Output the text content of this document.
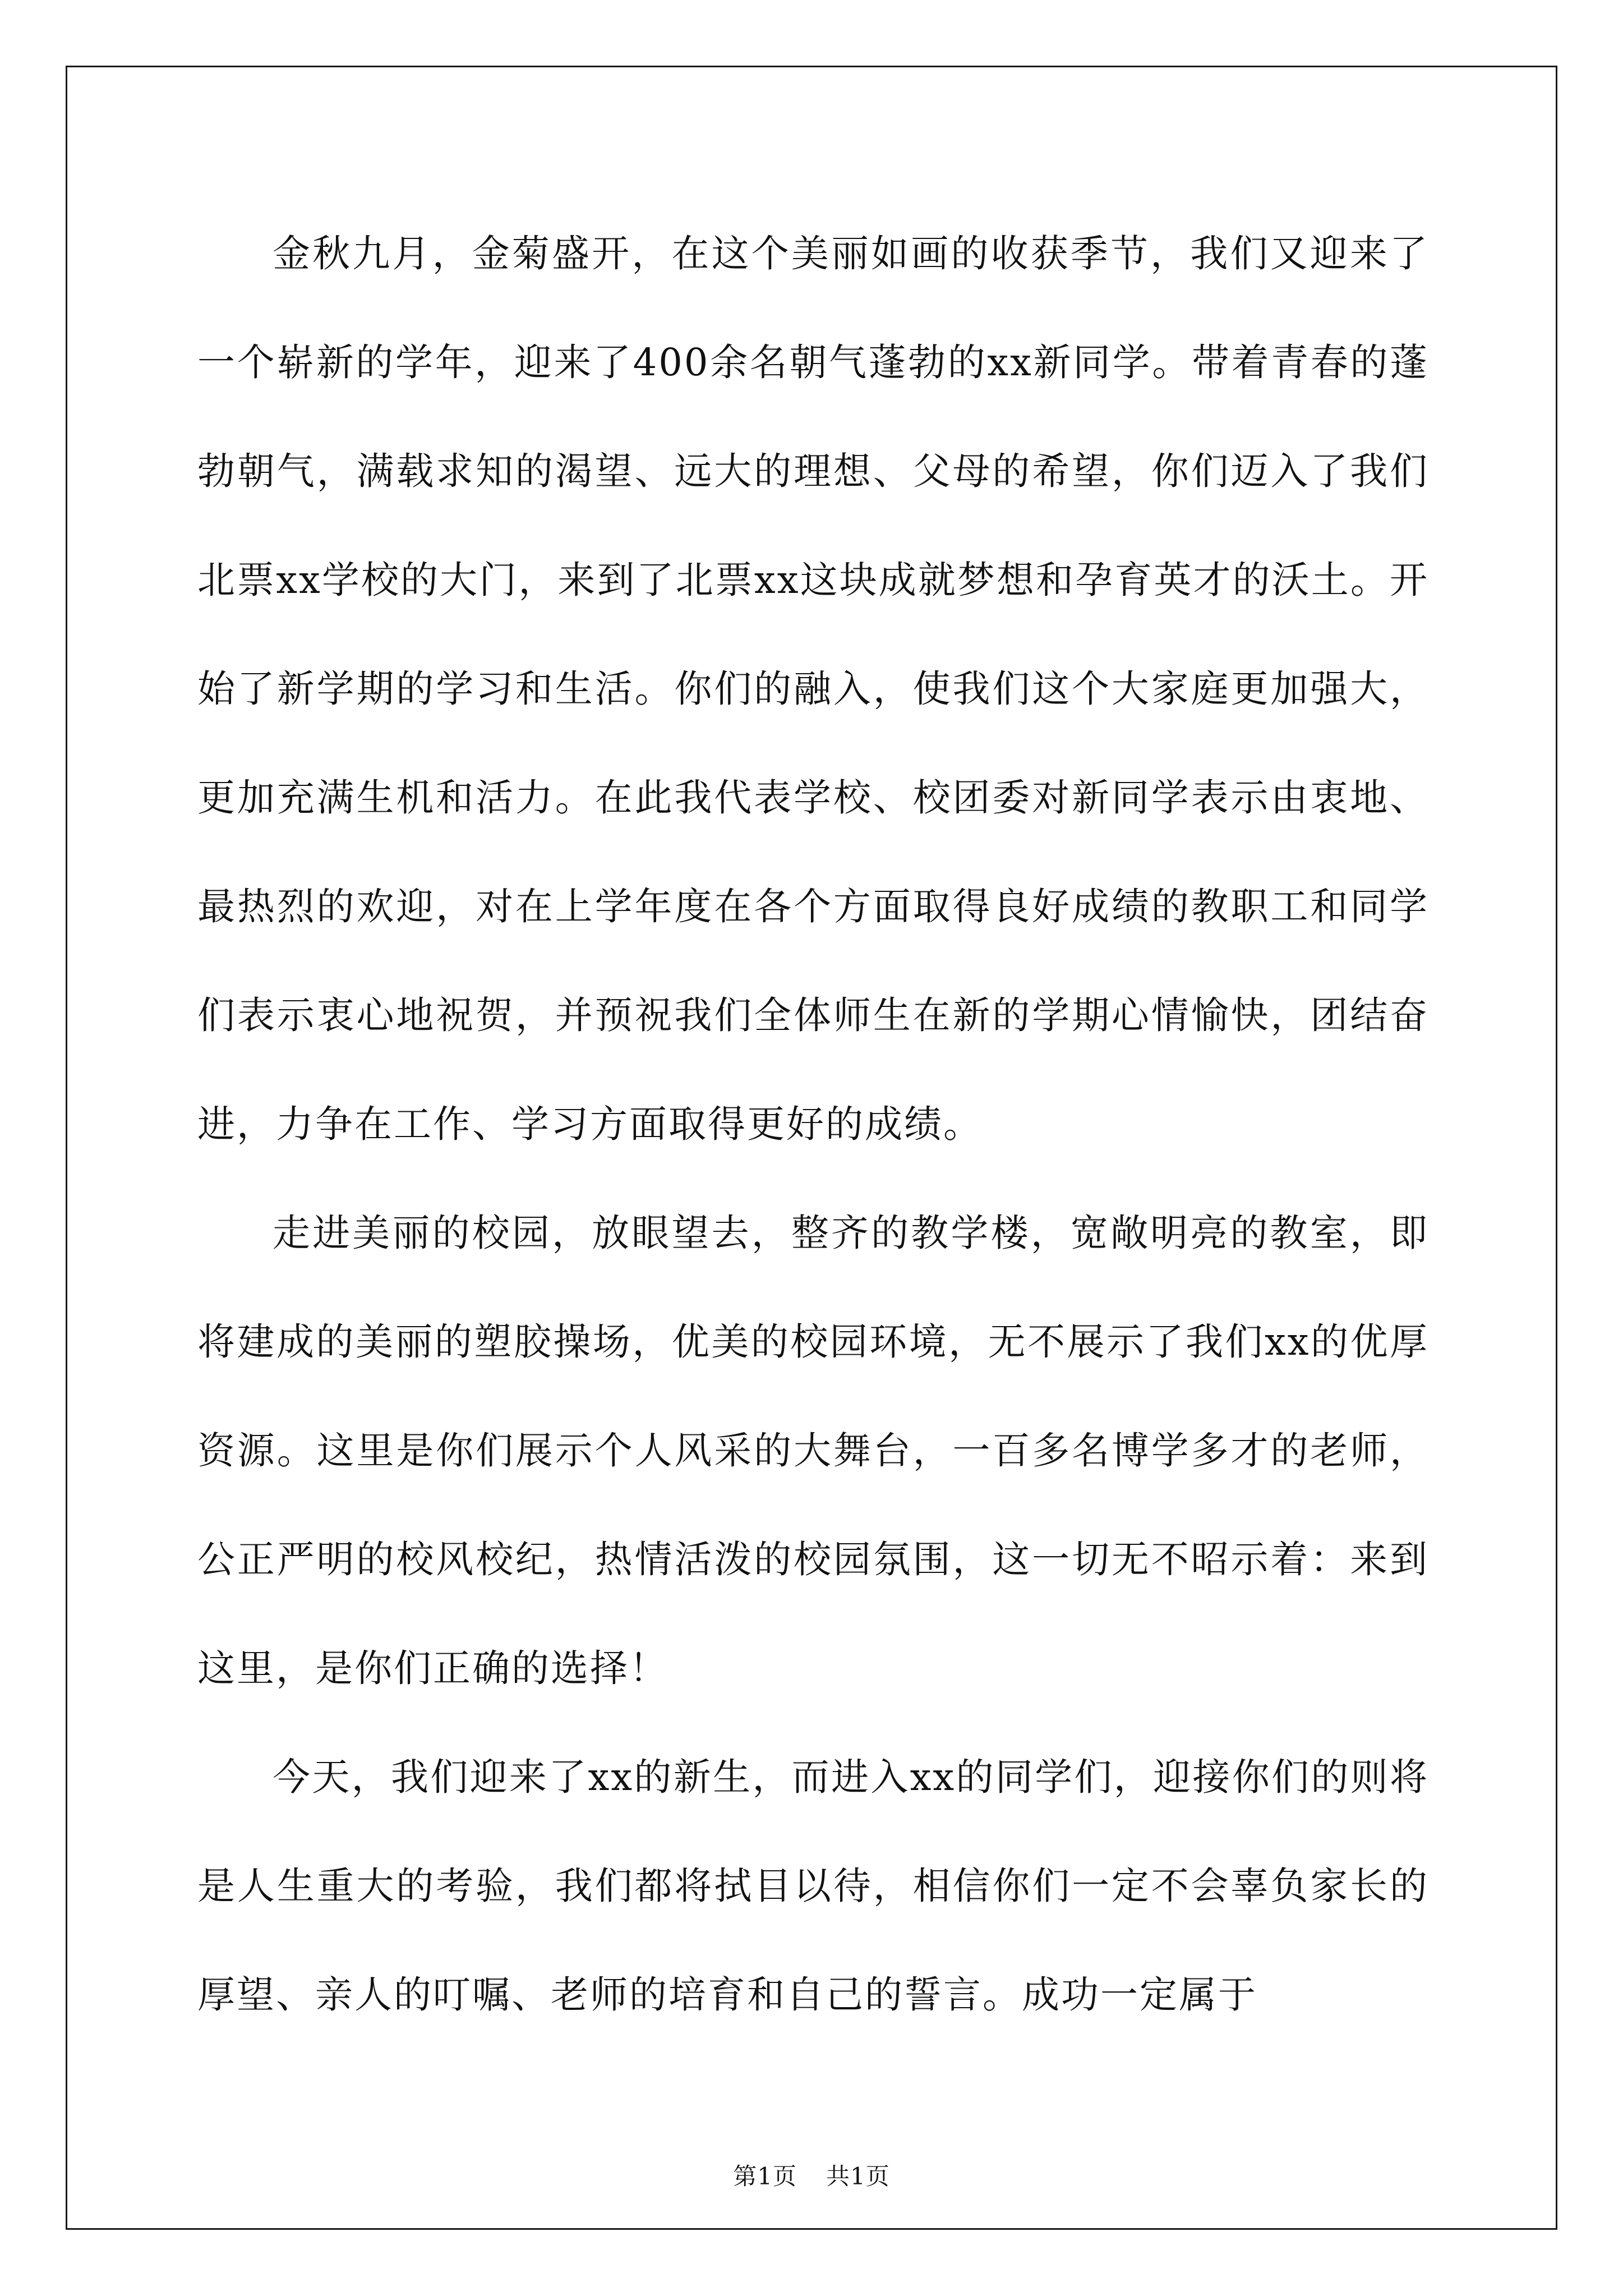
金秋九月，金菊盛开，在这个美丽如画的收获季节，我们又迎来了一个崭新的学年，迎来了400余名朝气蓬勃的xx新同学。带着青春的蓬勃朝气，满载求知的渴望、远大的理想、父母的希望，你们迈入了我们北票xx学校的大门，来到了北票xx这块成就梦想和孕育英才的沃土。开始了新学期的学习和生活。你们的融入，使我们这个大家庭更加强大，更加充满生机和活力。在此我代表学校、校团委对新同学表示由衷地、最热烈的欢迎，对在上学年度在各个方面取得良好成绩的教职工和同学们表示衷心地祝贺，并预祝我们全体师生在新的学期心情愉快，团结奋进，力争在工作、学习方面取得更好的成绩。

走进美丽的校园，放眼望去，整齐的教学楼，宽敞明亮的教室，即将建成的美丽的塑胶操场，优美的校园环境，无不展示了我们xx的优厚资源。这里是你们展示个人风采的大舞台，一百多名博学多才的老师，公正严明的校风校纪，热情活泼的校园氛围，这一切无不昭示着：来到这里，是你们正确的选择！

今天，我们迎来了xx的新生，而进入xx的同学们，迎接你们的则将是人生重大的考验，我们都将拭目以待，相信你们一定不会辜负家长的厚望、亲人的叮嘱、老师的培育和自己的誓言。成功一定属于

第1页 共1页
